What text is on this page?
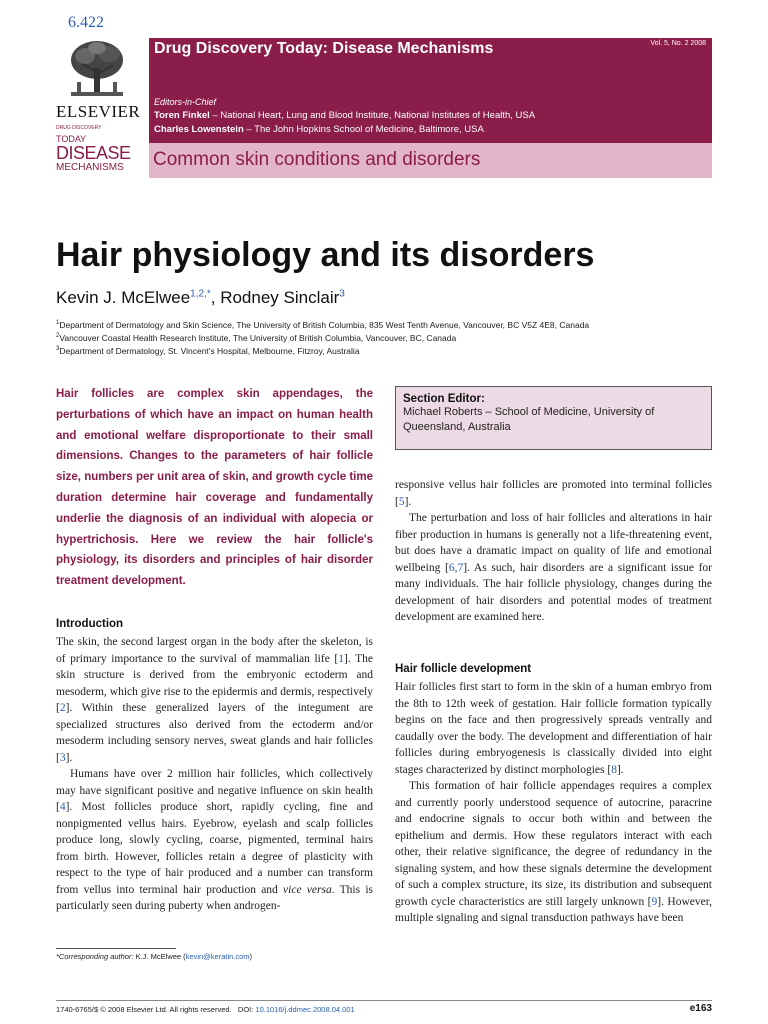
6.422
ELSEVIER
DRUG DISCOVERY
TODAY
DISEASE
MECHANISMS
Drug Discovery Today: Disease Mechanisms	Vol. 5, No. 2 2008
Editors-in-Chief
Toren Finkel – National Heart, Lung and Blood Institute, National Institutes of Health, USA
Charles Lowenstein – The John Hopkins School of Medicine, Baltimore, USA
Common skin conditions and disorders
Hair physiology and its disorders
Kevin J. McElwee$^{1,2,*}$, Rodney Sinclair$^3$
$^1$Department of Dermatology and Skin Science, The University of British Columbia, 835 West Tenth Avenue, Vancouver, BC V5Z 4E8, Canada
$^2$Vancouver Coastal Health Research Institute, The University of British Columbia, Vancouver, BC, Canada
$^3$Department of Dermatology, St. Vincent's Hospital, Melbourne, Fitzroy, Australia
Hair follicles are complex skin appendages, the perturbations of which have an impact on human health and emotional welfare disproportionate to their small dimensions. Changes to the parameters of hair follicle size, numbers per unit area of skin, and growth cycle time duration determine hair coverage and fundamentally underlie the diagnosis of an individual with alopecia or hypertrichosis. Here we review the hair follicle's physiology, its disorders and principles of hair disorder treatment development.
Section Editor:
Michael Roberts – School of Medicine, University of Queensland, Australia
Introduction

The skin, the second largest organ in the body after the skeleton, is of primary importance to the survival of mammalian life [1]. The skin structure is derived from the embryonic ectoderm and mesoderm, which give rise to the epidermis and dermis, respectively [2]. Within these generalized layers of the integument are specialized structures also derived from the ectoderm and/or mesoderm including sensory nerves, sweat glands and hair follicles [3].

Humans have over 2 million hair follicles, which collectively may have significant positive and negative influence on skin health [4]. Most follicles produce short, rapidly cycling, fine and nonpigmented vellus hairs. Eyebrow, eyelash and scalp follicles produce long, slowly cycling, coarse, pigmented, terminal hairs from birth. However, follicles retain a degree of plasticity with respect to the type of hair produced and a number can transform from vellus into terminal hair production and vice versa. This is particularly seen during puberty when androgen-

responsive vellus hair follicles are promoted into terminal follicles [5].

The perturbation and loss of hair follicles and alterations in hair fiber production in humans is generally not a life-threatening event, but does have a dramatic impact on quality of life and emotional wellbeing [6,7]. As such, hair disorders are a significant issue for many individuals. The hair follicle physiology, changes during the development of hair disorders and potential modes of treatment development are examined here.

Hair follicle development

Hair follicles first start to form in the skin of a human embryo from the 8th to 12th week of gestation. Hair follicle formation typically begins on the face and then progressively spreads ventrally and caudally over the body. The development and differentiation of hair follicles during embryogenesis is classically divided into eight stages characterized by distinct morphologies [8].

This formation of hair follicle appendages requires a complex and currently poorly understood sequence of autocrine, paracrine and endocrine signals to occur both within and between the epithelium and dermis. How these regulators interact with each other, their relative significance, the degree of redundancy in the signaling system, and how these signals determine the development of such a complex structure, its size, its distribution and subsequent growth cycle characteristics are still largely unknown [9]. However, multiple signaling and signal transduction pathways have been

*Corresponding author: K.J. McElwee (kevin@keratin.com)
1740-6765/$ © 2008 Elsevier Ltd. All rights reserved. DOI: 10.1016/j.ddmec.2008.04.001	e163
